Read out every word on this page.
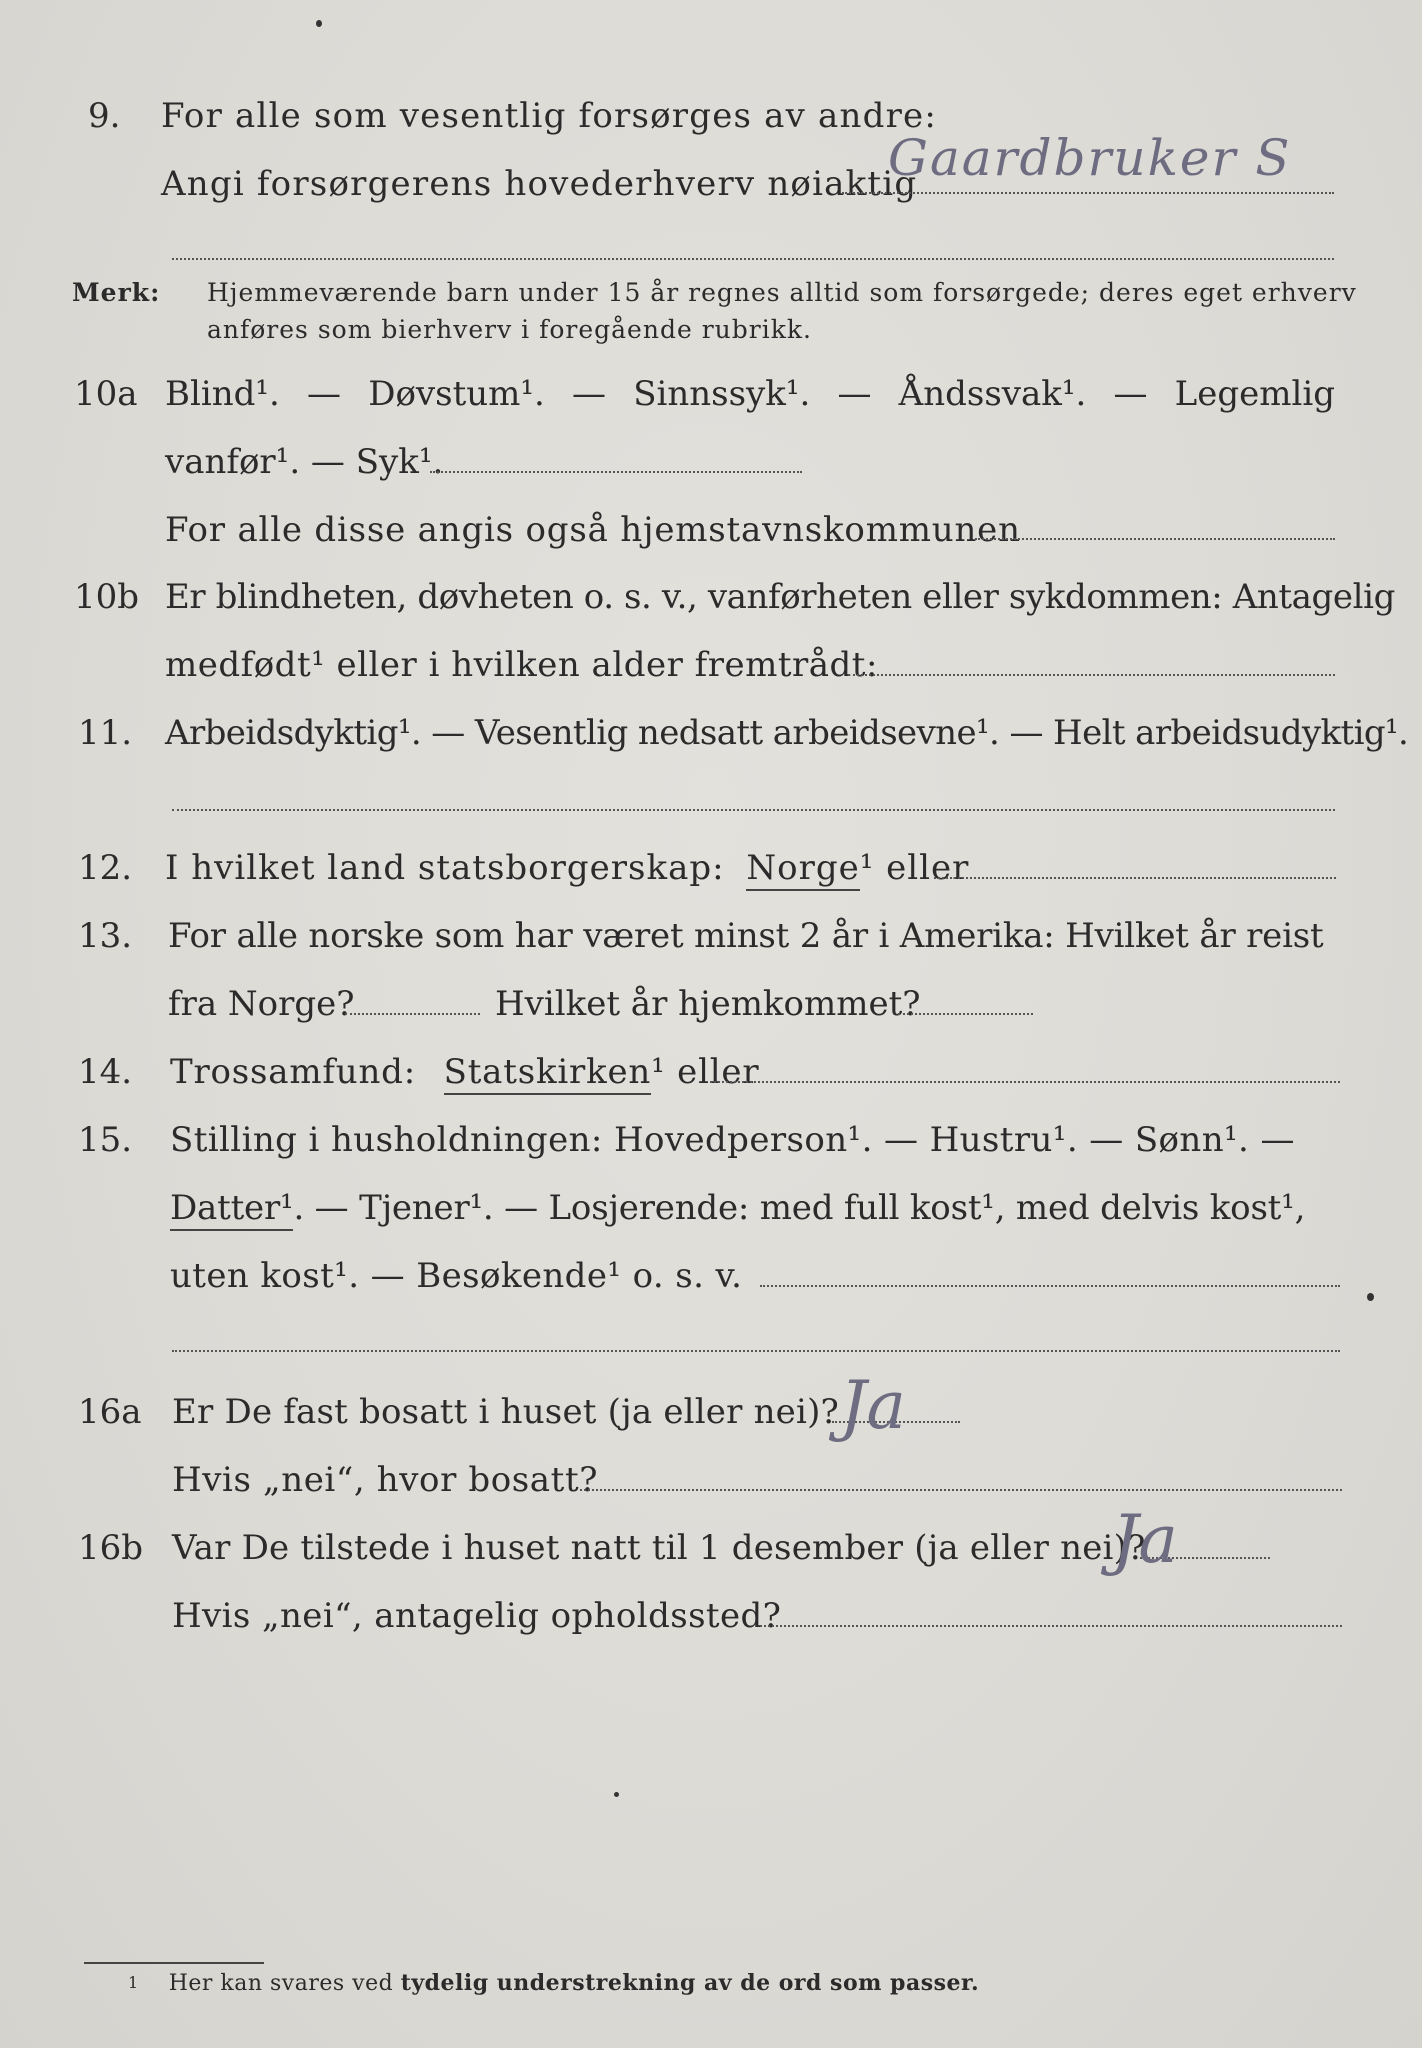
9. For alle som vesentlig forsørges av andre:
Angi forsørgerens hovederhverv nøiaktig
Gaardbruker S
Merk: Hjemmeværende barn under 15 år regnes alltid som forsørgede; deres eget erhverv
anføres som bierhverv i foregående rubrikk.
10a Blind¹. — Døvstum¹. — Sinnssyk¹. — Åndssvak¹. — Legemlig
vanfør¹. — Syk¹.
For alle disse angis også hjemstavnskommunen
10b Er blindheten, døvheten o. s. v., vanførheten eller sykdommen: Antagelig
medfødt¹ eller i hvilken alder fremtrådt:
11. Arbeidsdyktig¹. — Vesentlig nedsatt arbeidsevne¹. — Helt arbeidsudyktig¹.
12. I hvilket land statsborgerskap: Norge¹ eller
13. For alle norske som har været minst 2 år i Amerika: Hvilket år reist
fra Norge?	Hvilket år hjemkommet?
14. Trossamfund: Statskirken¹ eller
15. Stilling i husholdningen: Hovedperson¹. — Hustru¹. — Sønn¹. —
Datter¹. — Tjener¹. — Losjerende: med full kost¹, med delvis kost¹,
uten kost¹. — Besøkende¹ o. s. v.
16a Er De fast bosatt i huset (ja eller nei)? Ja
Hvis „nei“, hvor bosatt?
16b Var De tilstede i huset natt til 1 desember (ja eller nei)?
Ja
Hvis „nei“, antagelig opholdssted?
$^1$ Her kan svares ved tydelig understrekning av de ord som passer.
